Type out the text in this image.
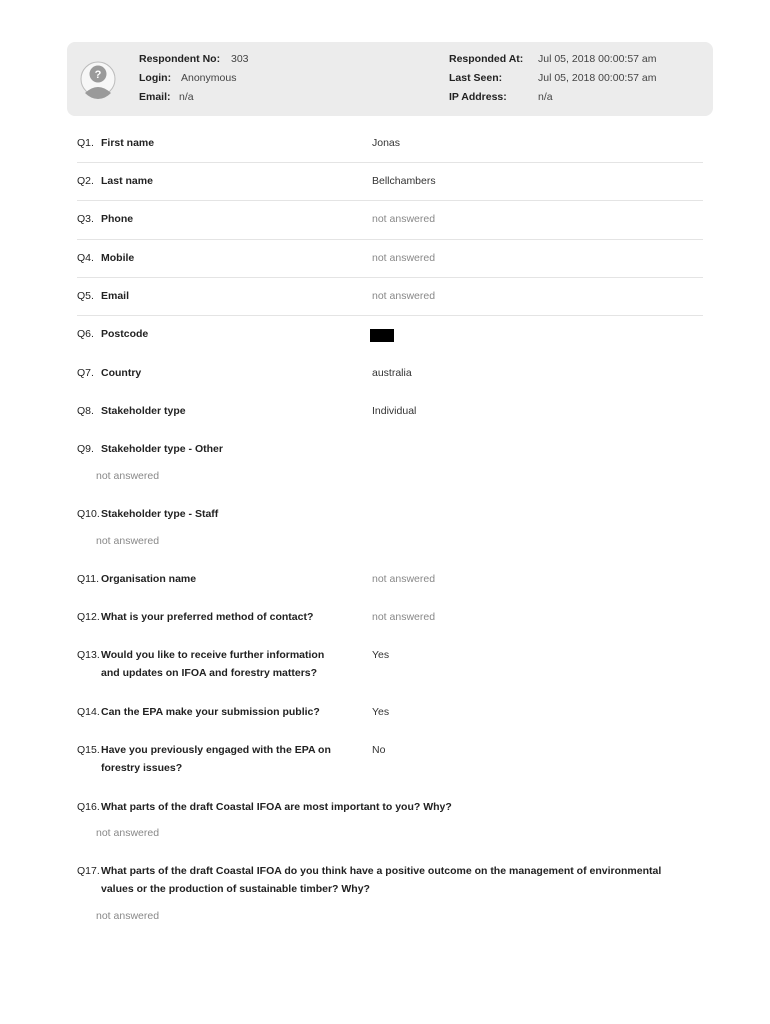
?
Respondent No: 303
Login: Anonymous
Email: n/a
Responded At: Jul 05, 2018 00:00:57 am
Last Seen:	Jul 05, 2018 00:00:57 am
IP Address:	n/a
Q1. First name	Jonas
Q2. Last name	Bellchambers
Q3. Phone	not answered
Q4. Mobile	not answered
Q5. Email	not answered
Q6. Postcode
Q7. Country	australia
Q8. Stakeholder type	Individual
Q9. Stakeholder type - Other
not answered
Q10.Stakeholder type - Staff
not answered
Q11. Organisation name	not answered
Q12.What is your preferred method of contact?	not answered
Q13.Would you like to receive further information
and updates on IFOA and forestry matters?
Yes
Q14.Can the EPA make your submission public?	Yes
Q15.Have you previously engaged with the EPA on
forestry issues?
No
Q16.What parts of the draft Coastal IFOA are most important to you? Why?
not answered
Q17.What parts of the draft Coastal IFOA do you think have a positive outcome on the management of environmental
values or the production of sustainable timber? Why?
not answered
